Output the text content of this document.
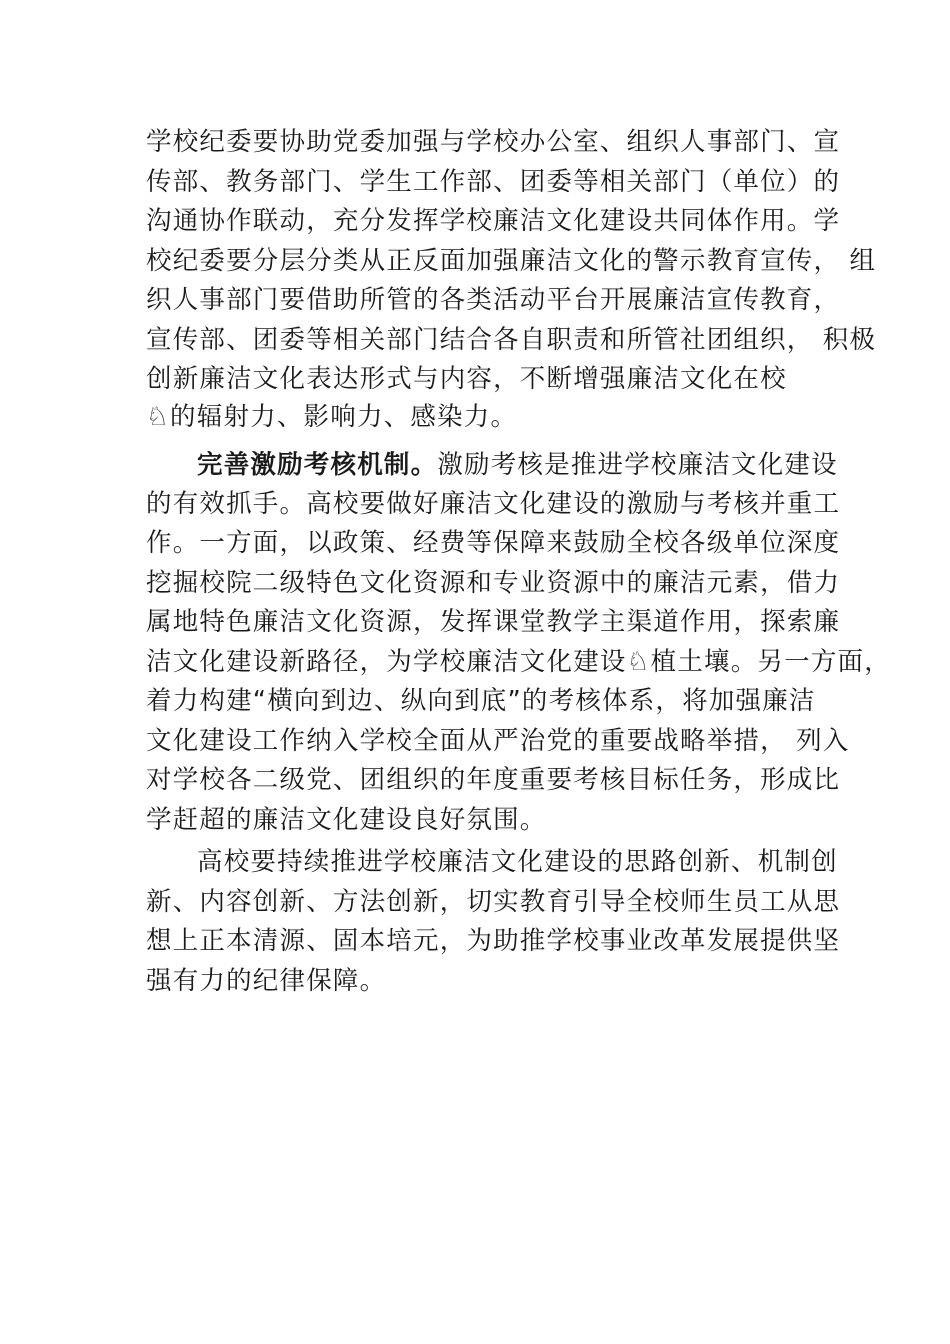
学校纪委要协助党委加强与学校办公室、组织人事部门、宣
传部、教务部门、学生工作部、团委等相关部门（单位）的
沟通协作联动，充分发挥学校廉洁文化建设共同体作用。学
校纪委要分层分类从正反面加强廉洁文化的警示教育宣传， 组
织人事部门要借助所管的各类活动平台开展廉洁宣传教育，
宣传部、团委等相关部门结合各自职责和所管社团组织， 积极
创新廉洁文化表达形式与内容，不断增强廉洁文化在校
♘的辐射力、影响力、感染力。
完善激励考核机制。激励考核是推进学校廉洁文化建设
的有效抓手。高校要做好廉洁文化建设的激励与考核并重工
作。一方面，以政策、经费等保障来鼓励全校各级单位深度
挖掘校院二级特色文化资源和专业资源中的廉洁元素，借力
属地特色廉洁文化资源，发挥课堂教学主渠道作用，探索廉
洁文化建设新路径，为学校廉洁文化建设♘植土壤。另一方面，
着力构建“横向到边、纵向到底”的考核体系，将加强廉洁
文化建设工作纳入学校全面从严治党的重要战略举措， 列入
对学校各二级党、团组织的年度重要考核目标任务，形成比
学赶超的廉洁文化建设良好氛围。
高校要持续推进学校廉洁文化建设的思路创新、机制创
新、内容创新、方法创新，切实教育引导全校师生员工从思
想上正本清源、固本培元，为助推学校事业改革发展提供坚
强有力的纪律保障。
